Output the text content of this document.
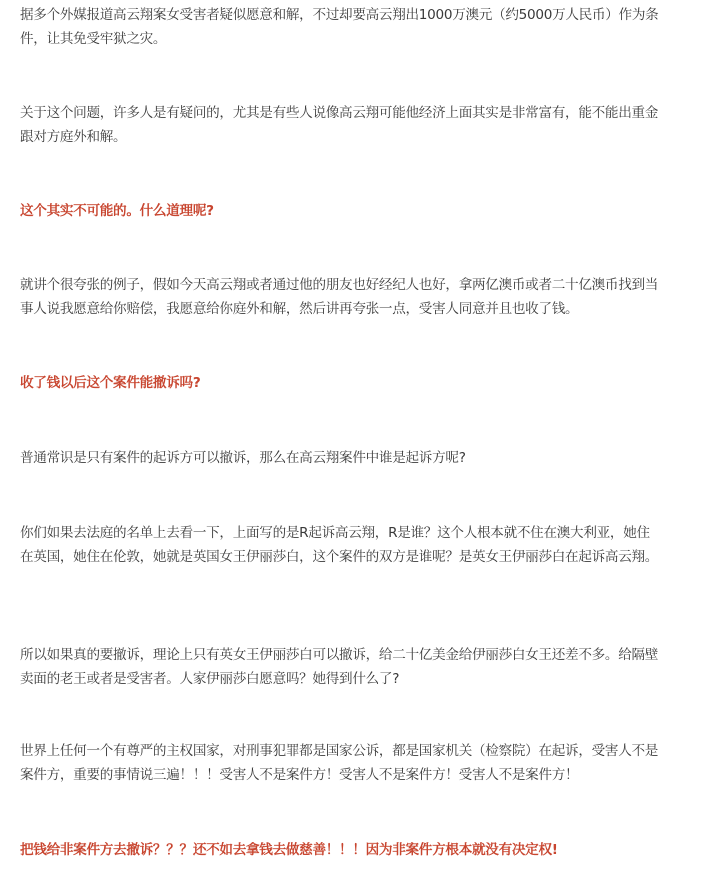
据多个外媒报道高云翔案女受害者疑似愿意和解，不过却要高云翔出1000万澳元（约5000万人民币）作为条件，让其免受牢狱之灾。

关于这个问题，许多人是有疑问的，尤其是有些人说像高云翔可能他经济上面其实是非常富有，能不能出重金跟对方庭外和解。

这个其实不可能的。什么道理呢?

就讲个很夸张的例子，假如今天高云翔或者通过他的朋友也好经纪人也好，拿两亿澳币或者二十亿澳币找到当事人说我愿意给你赔偿，我愿意给你庭外和解，然后讲再夸张一点，受害人同意并且也收了钱。

收了钱以后这个案件能撤诉吗?

普通常识是只有案件的起诉方可以撤诉，那么在高云翔案件中谁是起诉方呢?

你们如果去法庭的名单上去看一下，上面写的是R起诉高云翔，R是谁？这个人根本就不住在澳大利亚，她住在英国，她住在伦敦，她就是英国女王伊丽莎白，这个案件的双方是谁呢？是英女王伊丽莎白在起诉高云翔。

所以如果真的要撤诉，理论上只有英女王伊丽莎白可以撤诉，给二十亿美金给伊丽莎白女王还差不多。给隔壁卖面的老王或者是受害者。人家伊丽莎白愿意吗？她得到什么了?

世界上任何一个有尊严的主权国家，对刑事犯罪都是国家公诉，都是国家机关（检察院）在起诉，受害人不是案件方，重要的事情说三遍！！！受害人不是案件方！受害人不是案件方！受害人不是案件方！

把钱给非案件方去撤诉？？？还不如去拿钱去做慈善！！！因为非案件方根本就没有决定权!
